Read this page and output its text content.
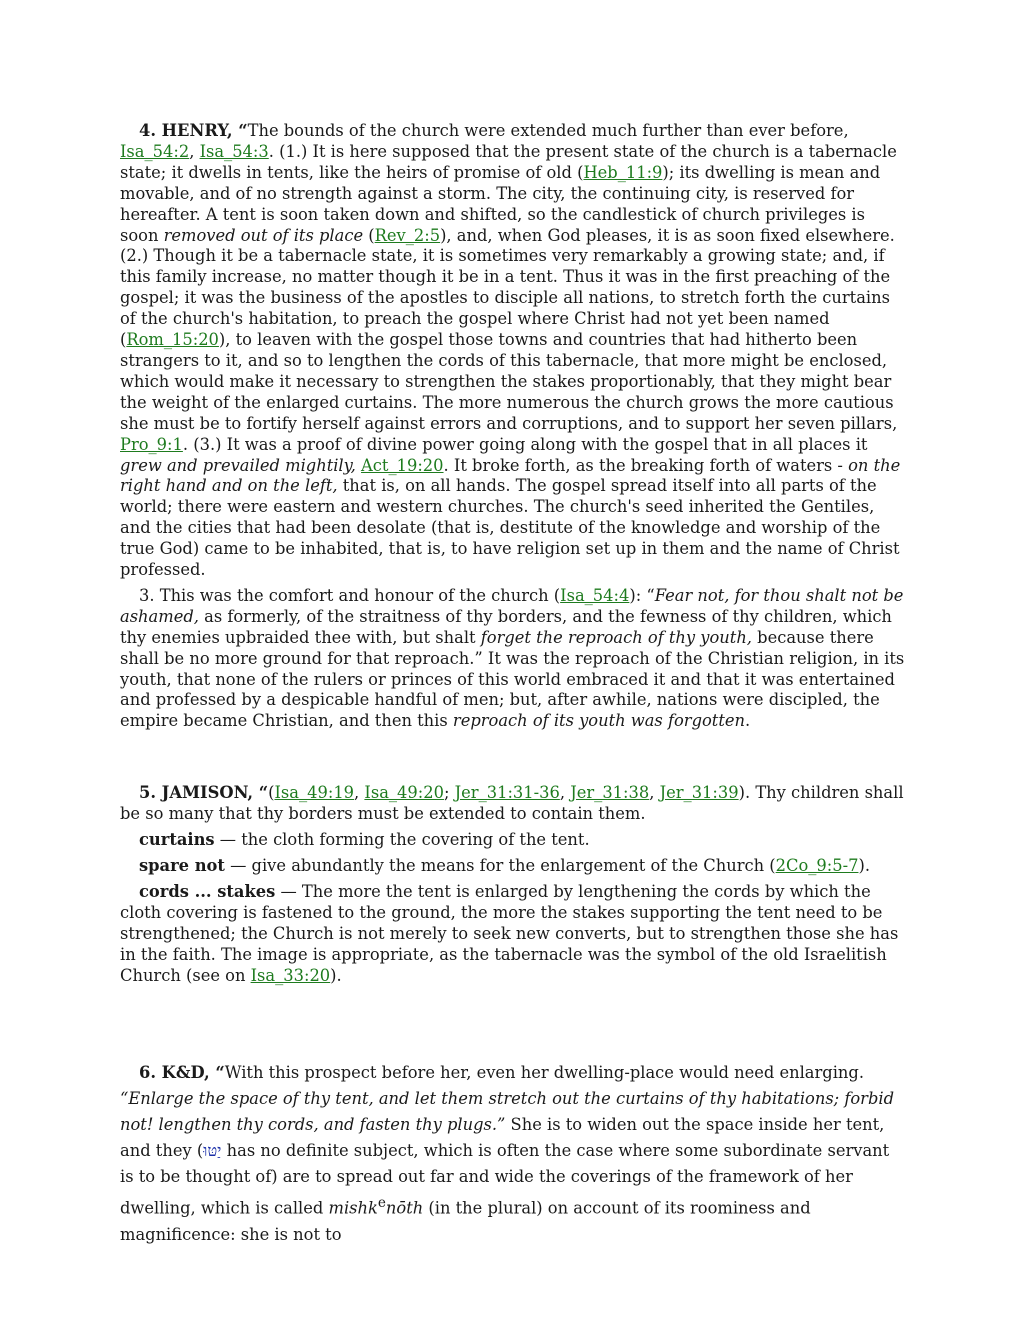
4. HENRY, “The bounds of the church were extended much further than ever before, Isa_54:2, Isa_54:3. (1.) It is here supposed that the present state of the church is a tabernacle state; it dwells in tents, like the heirs of promise of old (Heb_11:9); its dwelling is mean and movable, and of no strength against a storm. The city, the continuing city, is reserved for hereafter. A tent is soon taken down and shifted, so the candlestick of church privileges is soon removed out of its place (Rev_2:5), and, when God pleases, it is as soon fixed elsewhere. (2.) Though it be a tabernacle state, it is sometimes very remarkably a growing state; and, if this family increase, no matter though it be in a tent. Thus it was in the first preaching of the gospel; it was the business of the apostles to disciple all nations, to stretch forth the curtains of the church's habitation, to preach the gospel where Christ had not yet been named (Rom_15:20), to leaven with the gospel those towns and countries that had hitherto been strangers to it, and so to lengthen the cords of this tabernacle, that more might be enclosed, which would make it necessary to strengthen the stakes proportionably, that they might bear the weight of the enlarged curtains. The more numerous the church grows the more cautious she must be to fortify herself against errors and corruptions, and to support her seven pillars, Pro_9:1. (3.) It was a proof of divine power going along with the gospel that in all places it grew and prevailed mightily, Act_19:20. It broke forth, as the breaking forth of waters - on the right hand and on the left, that is, on all hands. The gospel spread itself into all parts of the world; there were eastern and western churches. The church's seed inherited the Gentiles, and the cities that had been desolate (that is, destitute of the knowledge and worship of the true God) came to be inhabited, that is, to have religion set up in them and the name of Christ professed.

3. This was the comfort and honour of the church (Isa_54:4): “Fear not, for thou shalt not be ashamed, as formerly, of the straitness of thy borders, and the fewness of thy children, which thy enemies upbraided thee with, but shalt forget the reproach of thy youth, because there shall be no more ground for that reproach.” It was the reproach of the Christian religion, in its youth, that none of the rulers or princes of this world embraced it and that it was entertained and professed by a despicable handful of men; but, after awhile, nations were discipled, the empire became Christian, and then this reproach of its youth was forgotten.

5. JAMISON, “(Isa_49:19, Isa_49:20; Jer_31:31-36, Jer_31:38, Jer_31:39). Thy children shall be so many that thy borders must be extended to contain them.

curtains — the cloth forming the covering of the tent.

spare not — give abundantly the means for the enlargement of the Church (2Co_9:5-7).

cords ... stakes — The more the tent is enlarged by lengthening the cords by which the cloth covering is fastened to the ground, the more the stakes supporting the tent need to be strengthened; the Church is not merely to seek new converts, but to strengthen those she has in the faith. The image is appropriate, as the tabernacle was the symbol of the old Israelitish Church (see on Isa_33:20).

6. K&D, “With this prospect before her, even her dwelling-place would need enlarging. “Enlarge the space of thy tent, and let them stretch out the curtains of thy habitations; forbid not! lengthen thy cords, and fasten thy plugs.” She is to widen out the space inside her tent, and they (יַטּוּ has no definite subject, which is often the case where some subordinate servant is to be thought of) are to spread out far and wide the coverings of the framework of her dwelling, which is called mishk$^e$nōth (in the plural) on account of its roominess and magnificence: she is not to
